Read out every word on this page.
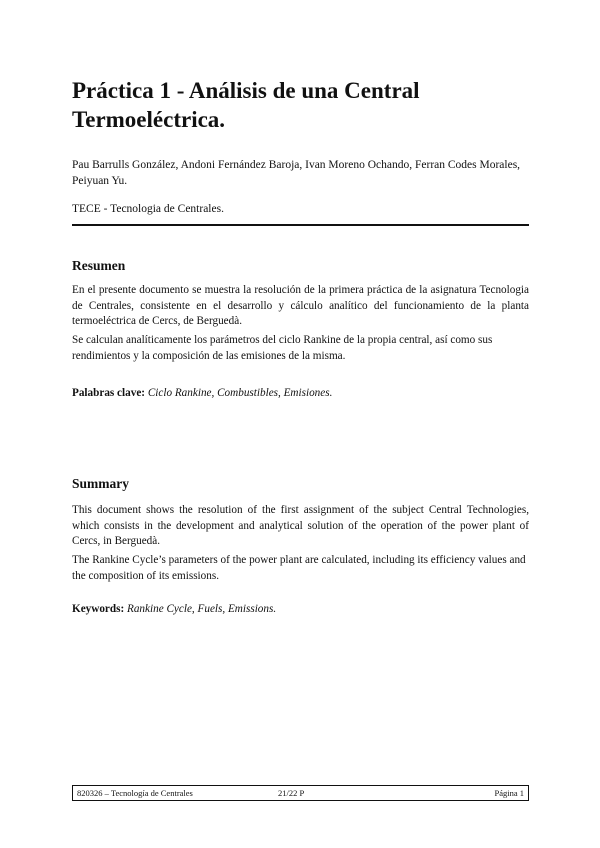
Práctica 1 - Análisis de una Central Termoeléctrica.

Pau Barrulls González, Andoni Fernández Baroja, Ivan Moreno Ochando, Ferran Codes Morales, Peiyuan Yu.

TECE - Tecnologia de Centrales.

Resumen

En el presente documento se muestra la resolución de la primera práctica de la asignatura Tecnologia de Centrales, consistente en el desarrollo y cálculo analítico del funcionamiento de la planta termoeléctrica de Cercs, de Berguedà.

Se calculan analíticamente los parámetros del ciclo Rankine de la propia central, así como sus rendimientos y la composición de las emisiones de la misma.

Palabras clave: Ciclo Rankine, Combustibles, Emisiones.

Summary

This document shows the resolution of the first assignment of the subject Central Technologies, which consists in the development and analytical solution of the operation of the power plant of Cercs, in Berguedà.

The Rankine Cycle’s parameters of the power plant are calculated, including its efficiency values and the composition of its emissions.

Keywords: Rankine Cycle, Fuels, Emissions.

820326 – Tecnología de Centrales	21/22 P	Página 1
